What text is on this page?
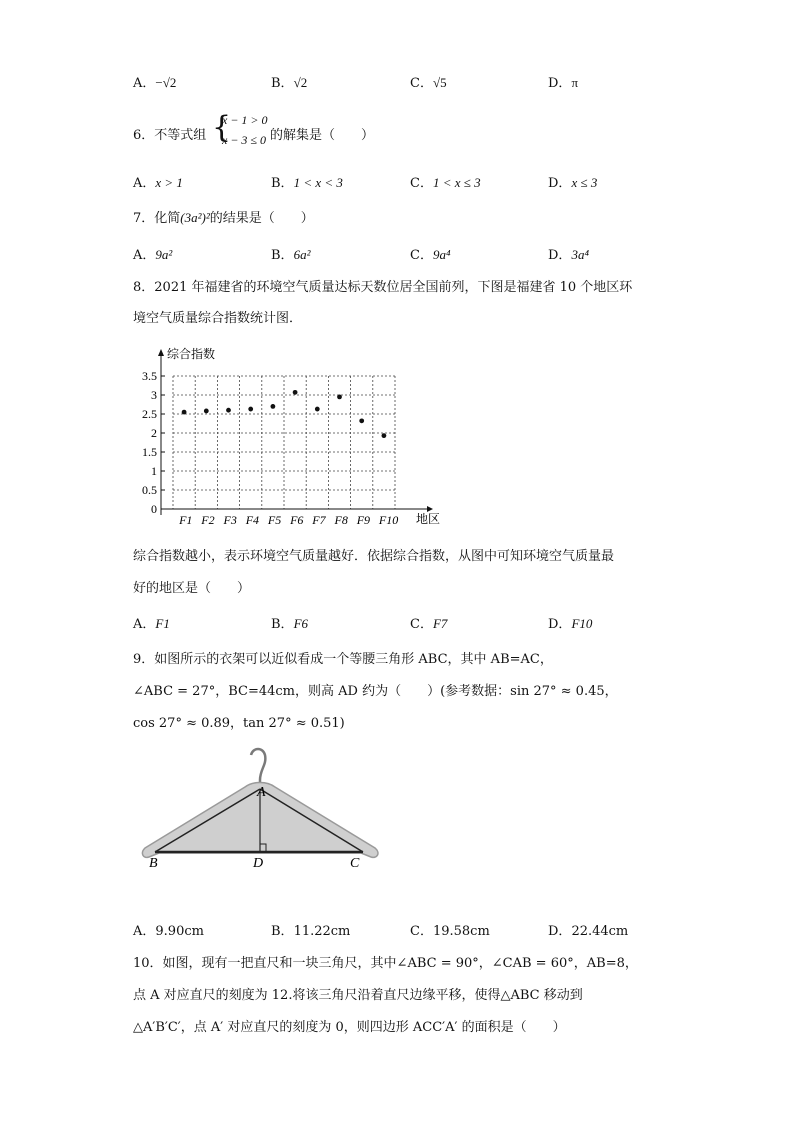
A．−√2	B．√2	C．√5	D．π
6．不等式组 {
x − 1 > 0
x − 3 ≤ 0 的解集是（　　）
A．x > 1	B．1 < x < 3	C．1 < x ≤ 3	D．x ≤ 3
7．化简(3a²)²的结果是（　　）
A．9a²	B．6a²	C．9a⁴	D．3a⁴
8．2021 年福建省的环境空气质量达标天数位居全国前列，下图是福建省 10 个地区环
境空气质量综合指数统计图．
0
0.5
1
1.5
2
2.5
3
3.5
F1 F2 F3 F4 F5 F6 F7 F8 F9 F10
综合指数
地区
综合指数越小，表示环境空气质量越好．依据综合指数，从图中可知环境空气质量最
好的地区是（　　）
A．F1	B．F6	C．F7	D．F10
9．如图所示的衣架可以近似看成一个等腰三角形 ABC，其中 AB=AC，
∠ABC = 27°，BC=44cm，则高 AD 约为（　　）(参考数据：sin 27° ≈ 0.45，
cos 27° ≈ 0.89，tan 27° ≈ 0.51)
A
B	C
D
A．9.90cm	B．11.22cm	C．19.58cm	D．22.44cm
10．如图，现有一把直尺和一块三角尺，其中∠ABC = 90°，∠CAB = 60°，AB=8，
点 A 对应直尺的刻度为 12.将该三角尺沿着直尺边缘平移，使得△ABC 移动到
△A′B′C′，点 A′ 对应直尺的刻度为 0，则四边形 ACC′A′ 的面积是（　　）
